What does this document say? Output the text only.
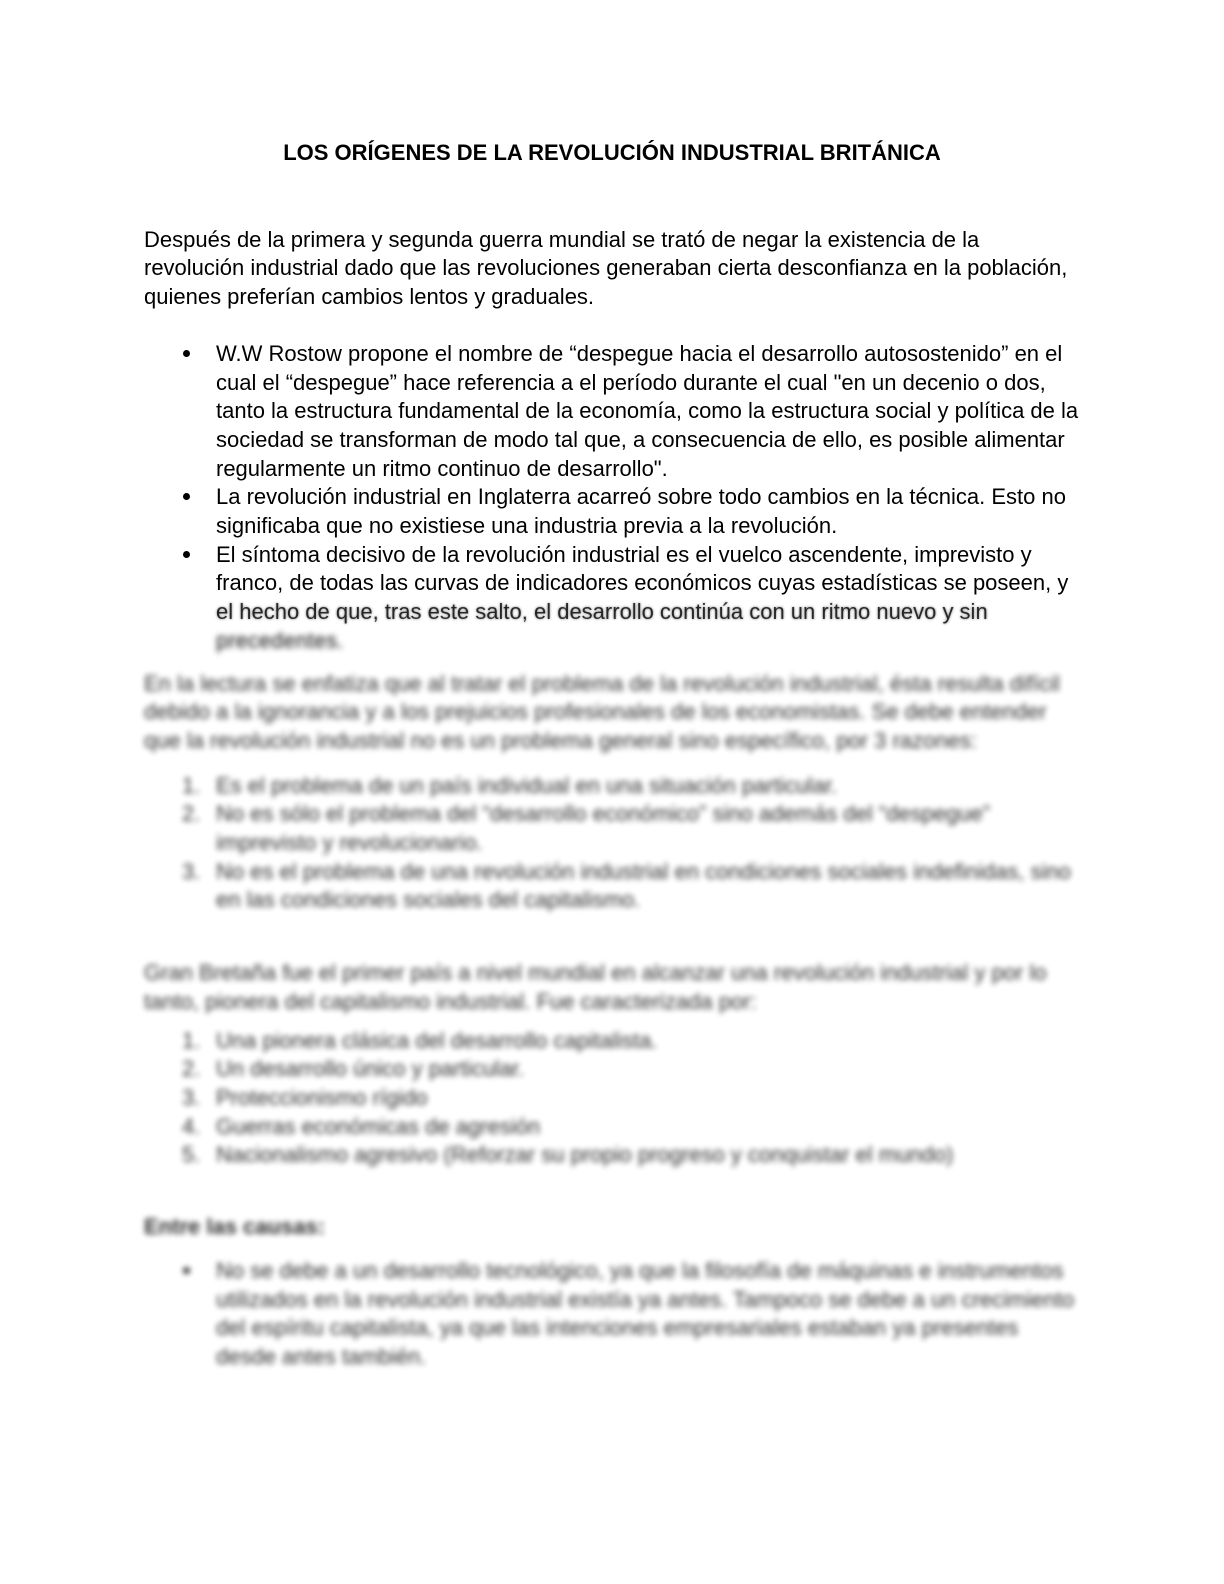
LOS ORÍGENES DE LA REVOLUCIÓN INDUSTRIAL BRITÁNICA

Después de la primera y segunda guerra mundial se trató de negar la existencia de la revolución industrial dado que las revoluciones generaban cierta desconfianza en la población, quienes preferían cambios lentos y graduales.

W.W Rostow propone el nombre de “despegue hacia el desarrollo autosostenido” en el cual el “despegue” hace referencia a el período durante el cual "en un decenio o dos, tanto la estructura fundamental de la economía, como la estructura social y política de la sociedad se transforman de modo tal que, a consecuencia de ello, es posible alimentar regularmente un ritmo continuo de desarrollo".
La revolución industrial en Inglaterra acarreó sobre todo cambios en la técnica. Esto no significaba que no existiese una industria previa a la revolución.
El síntoma decisivo de la revolución industrial es el vuelco ascendente, imprevisto y franco, de todas las curvas de indicadores económicos cuyas estadísticas se poseen, y el hecho de que, tras este salto, el desarrollo continúa con un ritmo nuevo y sin precedentes.

En la lectura se enfatiza que al tratar el problema de la revolución industrial, ésta resulta difícil debido a la ignorancia y a los prejuicios profesionales de los economistas. Se debe entender que la revolución industrial no es un problema general sino específico, por 3 razones:

1. Es el problema de un país individual en una situación particular.
2. No es sólo el problema del “desarrollo económico” sino además del “despegue” imprevisto y revolucionario.
3. No es el problema de una revolución industrial en condiciones sociales indefinidas, sino en las condiciones sociales del capitalismo.

Gran Bretaña fue el primer país a nivel mundial en alcanzar una revolución industrial y por lo tanto, pionera del capitalismo industrial. Fue caracterizada por:

1. Una pionera clásica del desarrollo capitalista.
2. Un desarrollo único y particular.
3. Proteccionismo rígido
4. Guerras económicas de agresión
5. Nacionalismo agresivo (Reforzar su propio progreso y conquistar el mundo)

Entre las causas:

No se debe a un desarrollo tecnológico, ya que la filosofía de máquinas e instrumentos utilizados en la revolución industrial existía ya antes. Tampoco se debe a un crecimiento del espíritu capitalista, ya que las intenciones empresariales estaban ya presentes desde antes también.
